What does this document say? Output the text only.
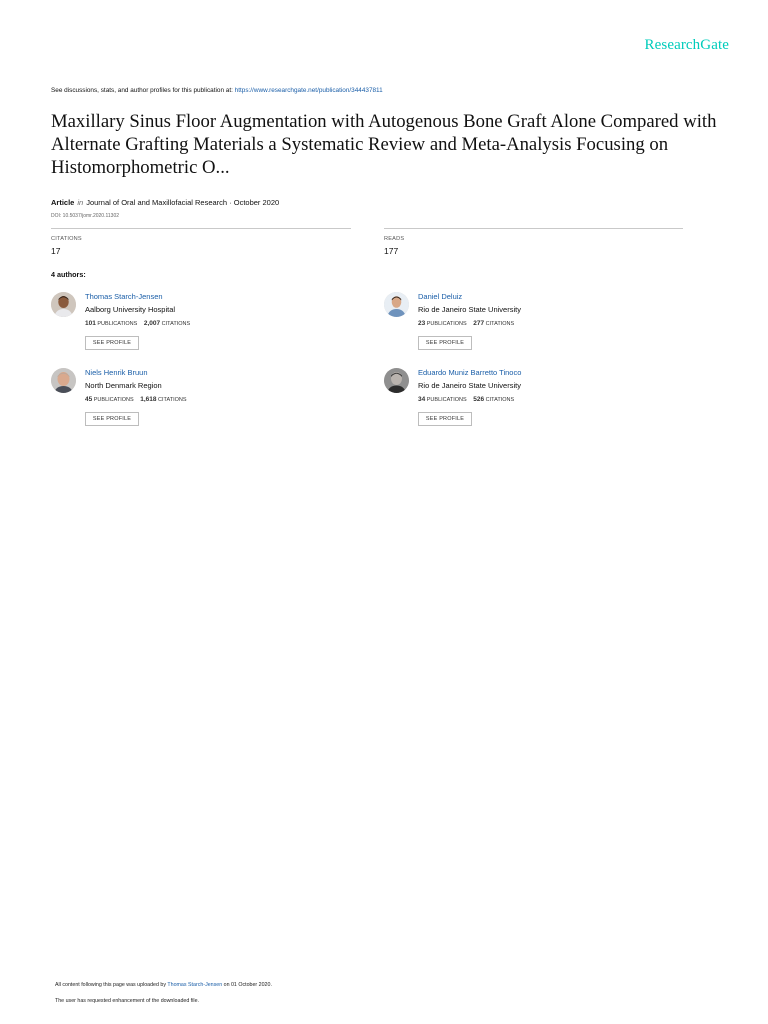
ResearchGate
See discussions, stats, and author profiles for this publication at: https://www.researchgate.net/publication/344437811
Maxillary Sinus Floor Augmentation with Autogenous Bone Graft Alone Compared with Alternate Grafting Materials a Systematic Review and Meta-Analysis Focusing on Histomorphometric O...
Article in Journal of Oral and Maxillofacial Research · October 2020
DOI: 10.5037/jomr.2020.11302
CITATIONS
17
READS
177
4 authors:
Thomas Starch-Jensen
Aalborg University Hospital
101 PUBLICATIONS 2,007 CITATIONS
SEE PROFILE
Daniel Deluiz
Rio de Janeiro State University
23 PUBLICATIONS 277 CITATIONS
SEE PROFILE
Niels Henrik Bruun
North Denmark Region
45 PUBLICATIONS 1,618 CITATIONS
SEE PROFILE
Eduardo Muniz Barretto Tinoco
Rio de Janeiro State University
34 PUBLICATIONS 526 CITATIONS
SEE PROFILE
All content following this page was uploaded by Thomas Starch-Jensen on 01 October 2020.
The user has requested enhancement of the downloaded file.
